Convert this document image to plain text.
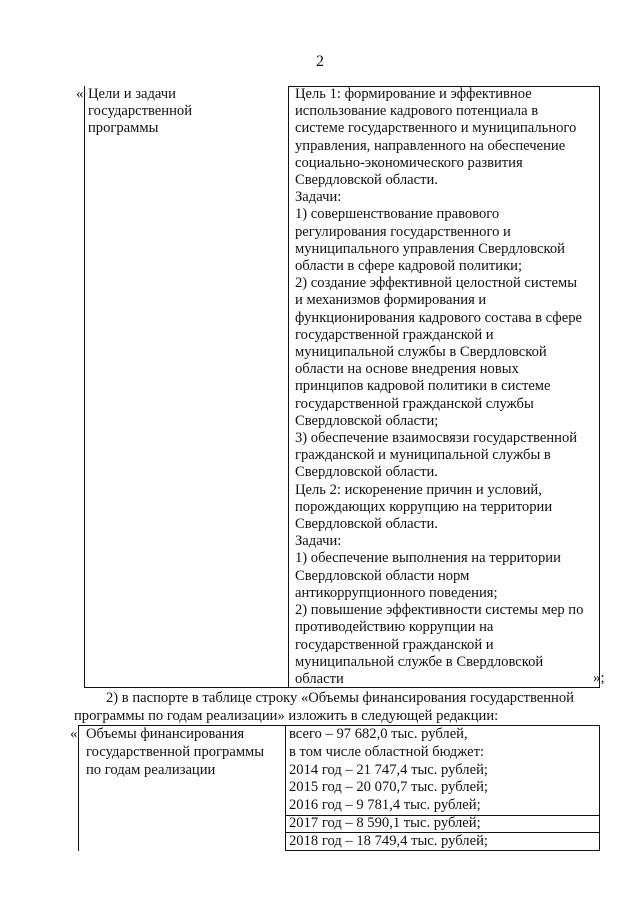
2
« Цели и задачи
государственной
программы
Цель 1: формирование и эффективное
использование кадрового потенциала в
системе государственного и муниципального
управления, направленного на обеспечение
социально-экономического развития
Свердловской области.
Задачи:
1) совершенствование правового
регулирования государственного и
муниципального управления Свердловской
области в сфере кадровой политики;
2) создание эффективной целостной системы
и механизмов формирования и
функционирования кадрового состава в сфере
государственной гражданской и
муниципальной службы в Свердловской
области на основе внедрения новых
принципов кадровой политики в системе
государственной гражданской службы
Свердловской области;
3) обеспечение взаимосвязи государственной
гражданской и муниципальной службы в
Свердловской области.
Цель 2: искоренение причин и условий,
порождающих коррупцию на территории
Свердловской области.
Задачи:
1) обеспечение выполнения на территории
Свердловской области норм
антикоррупционного поведения;
2) повышение эффективности системы мер по
противодействию коррупции на
государственной гражданской и
муниципальной службе в Свердловской
области	»;
2) в паспорте в таблице строку «Объемы финансирования государственной
программы по годам реализации» изложить в следующей редакции:
« Объемы финансирования
государственной программы
по годам реализации
всего – 97 682,0 тыс. рублей,
в том числе областной бюджет:
2014 год – 21 747,4 тыс. рублей;
2015 год – 20 070,7 тыс. рублей;
2016 год – 9 781,4 тыс. рублей;
2017 год – 8 590,1 тыс. рублей;
2018 год – 18 749,4 тыс. рублей;
